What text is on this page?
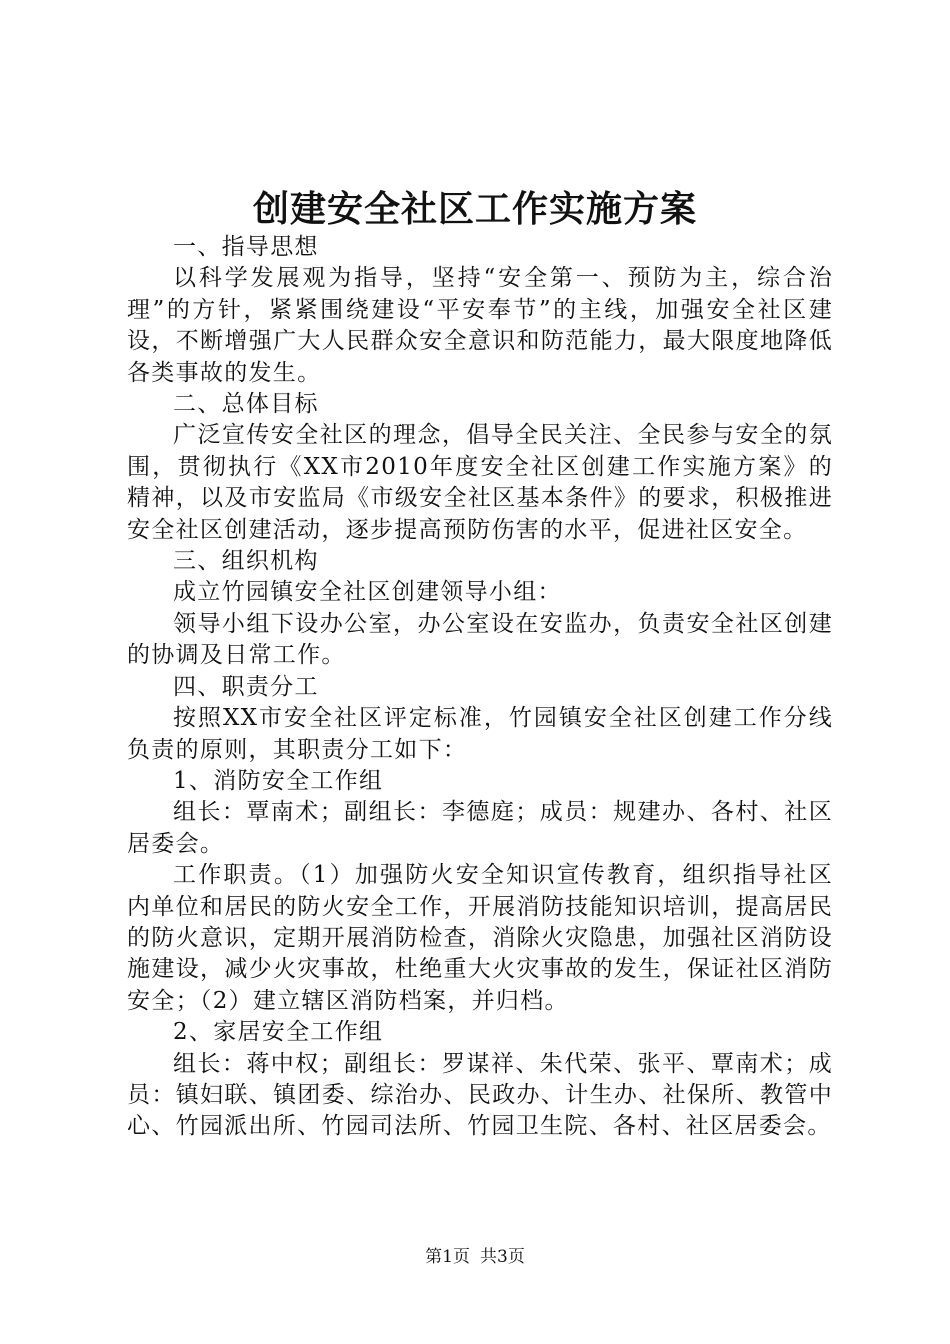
创建安全社区工作实施方案

一、指导思想

以科学发展观为指导，坚持“安全第一、预防为主，综合治理”的方针，紧紧围绕建设“平安奉节”的主线，加强安全社区建设，不断增强广大人民群众安全意识和防范能力，最大限度地降低各类事故的发生。

二、总体目标

广泛宣传安全社区的理念，倡导全民关注、全民参与安全的氛围，贯彻执行《XX市2010年度安全社区创建工作实施方案》的精神，以及市安监局《市级安全社区基本条件》的要求，积极推进安全社区创建活动，逐步提高预防伤害的水平，促进社区安全。

三、组织机构

成立竹园镇安全社区创建领导小组：

领导小组下设办公室，办公室设在安监办，负责安全社区创建的协调及日常工作。

四、职责分工

按照XX市安全社区评定标准，竹园镇安全社区创建工作分线负责的原则，其职责分工如下：

1、消防安全工作组

组长：覃南术；副组长：李德庭；成员：规建办、各村、社区居委会。

工作职责。（1）加强防火安全知识宣传教育，组织指导社区内单位和居民的防火安全工作，开展消防技能知识培训，提高居民的防火意识，定期开展消防检查，消除火灾隐患，加强社区消防设施建设，减少火灾事故，杜绝重大火灾事故的发生，保证社区消防安全；（2）建立辖区消防档案，并归档。

2、家居安全工作组

组长：蒋中权；副组长：罗谋祥、朱代荣、张平、覃南术；成员：镇妇联、镇团委、综治办、民政办、计生办、社保所、教管中心、竹园派出所、竹园司法所、竹园卫生院、各村、社区居委会。

第1页 共3页
